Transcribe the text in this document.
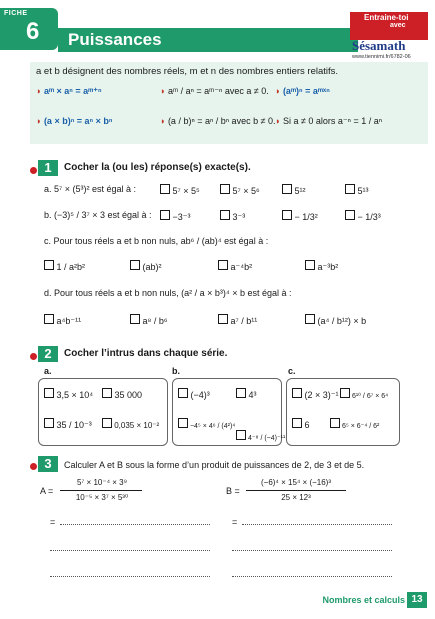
FICHE
6 Puissances
Entraine-toi
avec
Sésamath
www.tiennimi.fr/6782-06
a et b désignent des nombres réels, m et n des nombres entiers relatifs.
◗ aᵐ × aⁿ = aᵐ⁺ⁿ	◗ aᵐ / aⁿ = aᵐ⁻ⁿ avec a ≠ 0. ◗ (aᵐ)ⁿ = aᵐˣⁿ
◗ (a × b)ⁿ = aⁿ × bⁿ	◗ (a / b)ⁿ = aⁿ / bⁿ avec b ≠ 0. ◗ Si a ≠ 0 alors a⁻ⁿ = 1 / aⁿ
1	Cocher la (ou les) réponse(s) exacte(s).
a. 5⁷ × (5³)² est égal à :	5⁷ × 5⁵	5⁷ × 5⁶	5¹²	5¹³
b. (−3)⁵ / 3⁷ × 3 est égal à :	−3⁻³	3⁻³	− 1/3²	− 1/3³
c. Pour tous réels a et b non nuls, ab⁶ / (ab)⁴ est égal à :
1 / a²b²	(ab)²	a⁻⁴b²	a⁻³b²
d. Pour tous réels a et b non nuls, (a² / a × b³)⁴ × b est égal à :
a⁴b⁻¹¹	a⁸ / b⁶	a⁷ / b¹¹	(a⁴ / b¹²) × b
2	Cocher l’intrus dans chaque série.
a.	b.	c.
3,5 × 10⁴	35 000
35 / 10⁻³	0,035 × 10⁻²
(−4)³	4³
−4⁵ × 4⁶ / (4²)⁴
4⁻⁸ / (−4)⁻¹¹
(2 × 3)⁻¹	6¹⁰ / 6⁷ × 6⁴
6	6⁵ × 6⁻⁴ / 6²
3	Calculer A et B sous la forme d’un produit de puissances de 2, de 3 et de 5.
A =
5⁷ × 10⁻⁴ × 3⁹
10⁻⁵ × 3⁷ × 5³⁰
B =
(−6)⁴ × 15⁴ × (−16)³
25 × 12³
=	=
Nombres et calculs 13
